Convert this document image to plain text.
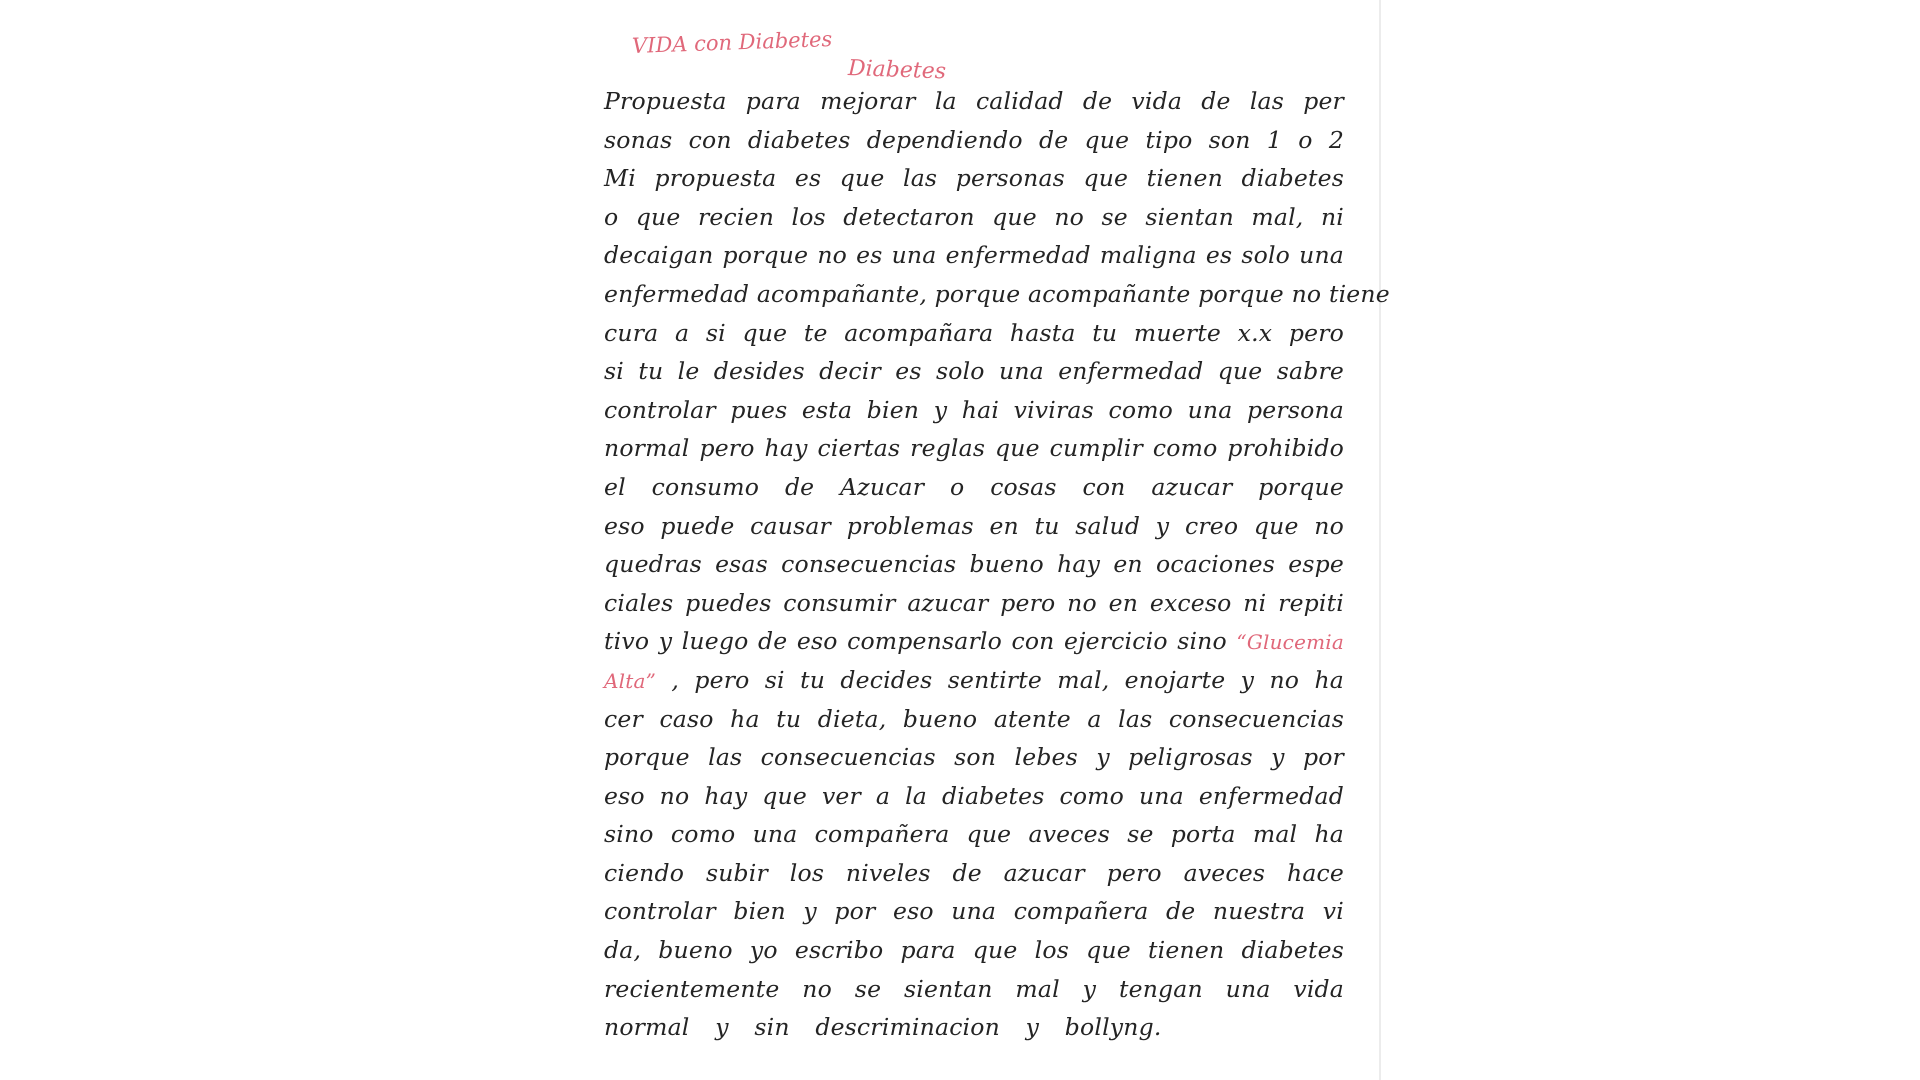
VIDA con Diabetes
Diabetes
Propuesta para mejorar la calidad de vida de las per
sonas con diabetes dependiendo de que tipo son 1 o 2
Mi propuesta es que las personas que tienen diabetes
o que recien los detectaron que no se sientan mal, ni
decaigan porque no es una enfermedad maligna es solo una
enfermedad acompañante, porque acompañante porque no tiene
cura a si que te acompañara hasta tu muerte x.x pero
si tu le desides decir es solo una enfermedad que sabre
controlar pues esta bien y hai viviras como una persona
normal pero hay ciertas reglas que cumplir como prohibido
el consumo de Azucar o cosas con azucar porque
eso puede causar problemas en tu salud y creo que no
quedras esas consecuencias bueno hay en ocaciones espe
ciales puedes consumir azucar pero no en exceso ni repiti
tivo y luego de eso compensarlo con ejercicio sino “Glucemia
Alta” , pero si tu decides sentirte mal, enojarte y no ha
cer caso ha tu dieta, bueno atente a las consecuencias
porque las consecuencias son lebes y peligrosas y por
eso no hay que ver a la diabetes como una enfermedad
sino como una compañera que aveces se porta mal ha
ciendo subir los niveles de azucar pero aveces hace
controlar bien y por eso una compañera de nuestra vi
da, bueno yo escribo para que los que tienen diabetes
recientemente no se sientan mal y tengan una vida
normal y sin descriminacion y bollyng.
